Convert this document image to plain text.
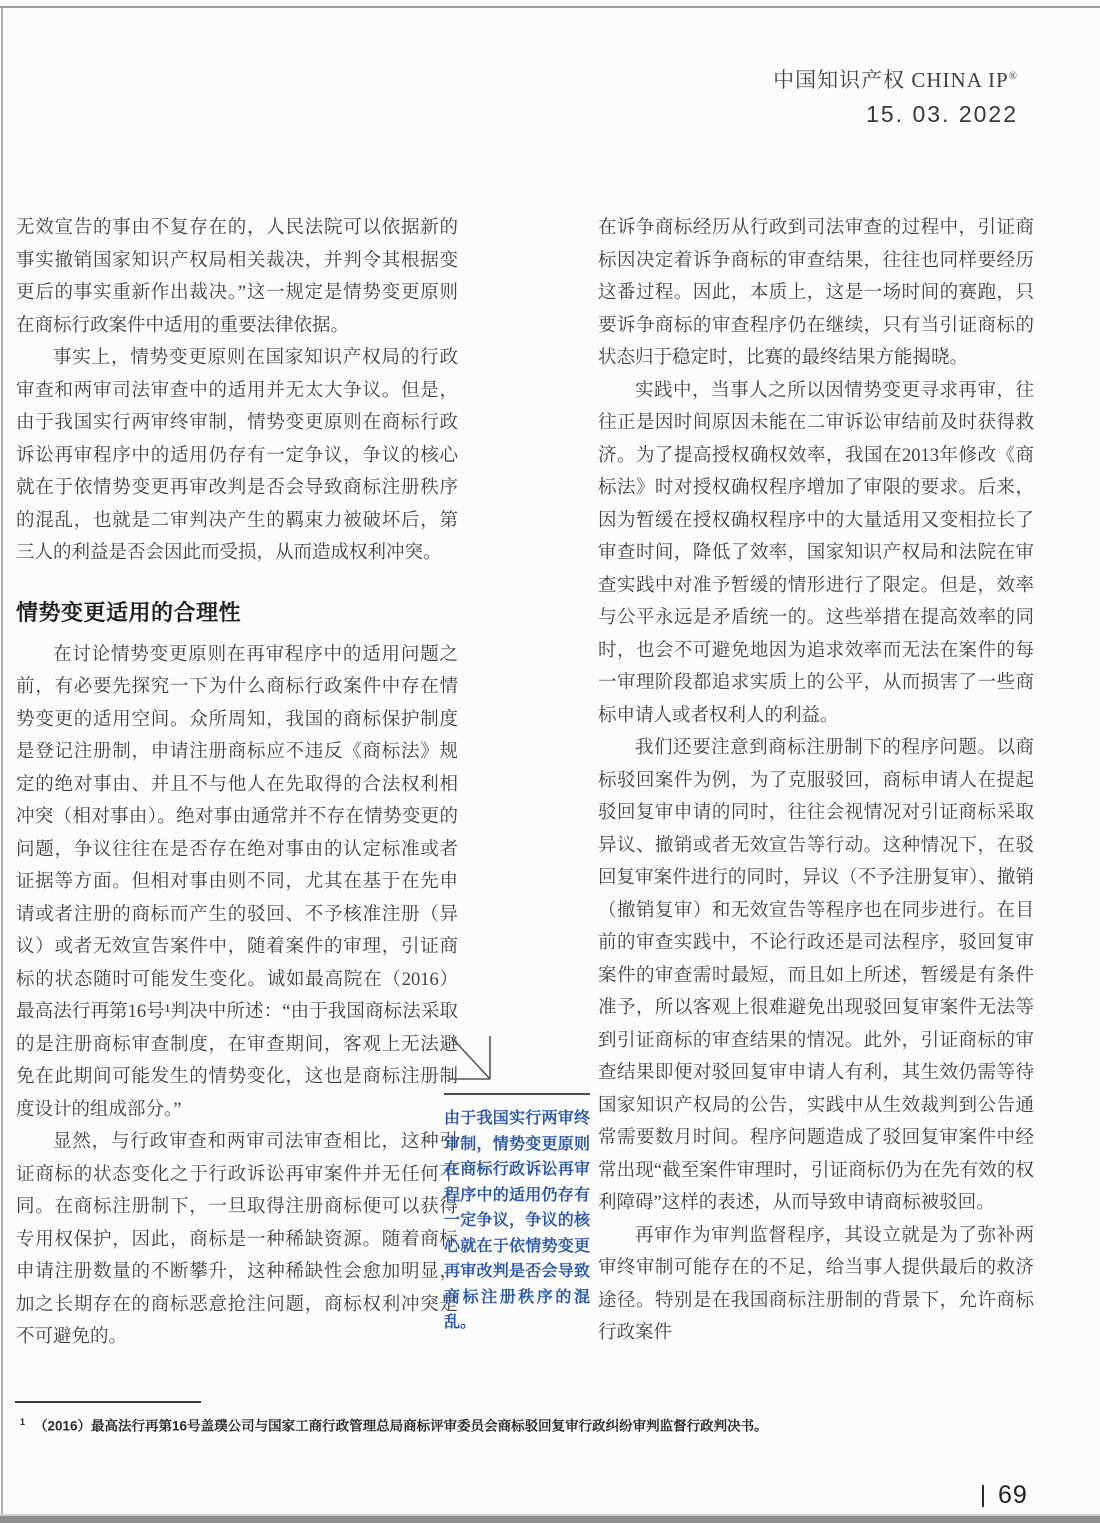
中国知识产权 CHINA IP®
15. 03. 2022

无效宣告的事由不复存在的，人民法院可以依据新的事实撤销国家知识产权局相关裁决，并判令其根据变更后的事实重新作出裁决。”这一规定是情势变更原则在商标行政案件中适用的重要法律依据。

事实上，情势变更原则在国家知识产权局的行政审查和两审司法审查中的适用并无太大争议。但是，由于我国实行两审终审制，情势变更原则在商标行政诉讼再审程序中的适用仍存有一定争议，争议的核心就在于依情势变更再审改判是否会导致商标注册秩序的混乱，也就是二审判决产生的羁束力被破坏后，第三人的利益是否会因此而受损，从而造成权利冲突。

情势变更适用的合理性

在讨论情势变更原则在再审程序中的适用问题之前，有必要先探究一下为什么商标行政案件中存在情势变更的适用空间。众所周知，我国的商标保护制度是登记注册制，申请注册商标应不违反《商标法》规定的绝对事由、并且不与他人在先取得的合法权利相冲突（相对事由）。绝对事由通常并不存在情势变更的问题，争议往往在是否存在绝对事由的认定标准或者证据等方面。但相对事由则不同，尤其在基于在先申请或者注册的商标而产生的驳回、不予核准注册（异议）或者无效宣告案件中，随着案件的审理，引证商标的状态随时可能发生变化。诚如最高院在（2016）最高法行再第16号¹判决中所述：“由于我国商标法采取的是注册商标审查制度，在审查期间，客观上无法避免在此期间可能发生的情势变化，这也是商标注册制度设计的组成部分。”

显然，与行政审查和两审司法审查相比，这种引证商标的状态变化之于行政诉讼再审案件并无任何不同。在商标注册制下，一旦取得注册商标便可以获得专用权保护，因此，商标是一种稀缺资源。随着商标申请注册数量的不断攀升，这种稀缺性会愈加明显，加之长期存在的商标恶意抢注问题，商标权利冲突是不可避免的。

在诉争商标经历从行政到司法审查的过程中，引证商标因决定着诉争商标的审查结果，往往也同样要经历这番过程。因此，本质上，这是一场时间的赛跑，只要诉争商标的审查程序仍在继续，只有当引证商标的状态归于稳定时，比赛的最终结果方能揭晓。

实践中，当事人之所以因情势变更寻求再审，往往正是因时间原因未能在二审诉讼审结前及时获得救济。为了提高授权确权效率，我国在2013年修改《商标法》时对授权确权程序增加了审限的要求。后来，因为暂缓在授权确权程序中的大量适用又变相拉长了审查时间，降低了效率，国家知识产权局和法院在审查实践中对准予暂缓的情形进行了限定。但是，效率与公平永远是矛盾统一的。这些举措在提高效率的同时，也会不可避免地因为追求效率而无法在案件的每一审理阶段都追求实质上的公平，从而损害了一些商标申请人或者权利人的利益。

我们还要注意到商标注册制下的程序问题。以商标驳回案件为例，为了克服驳回，商标申请人在提起驳回复审申请的同时，往往会视情况对引证商标采取异议、撤销或者无效宣告等行动。这种情况下，在驳回复审案件进行的同时，异议（不予注册复审）、撤销（撤销复审）和无效宣告等程序也在同步进行。在目前的审查实践中，不论行政还是司法程序，驳回复审案件的审查需时最短，而且如上所述，暂缓是有条件准予，所以客观上很难避免出现驳回复审案件无法等到引证商标的审查结果的情况。此外，引证商标的审查结果即便对驳回复审申请人有利，其生效仍需等待国家知识产权局的公告，实践中从生效裁判到公告通常需要数月时间。程序问题造成了驳回复审案件中经常出现“截至案件审理时，引证商标仍为在先有效的权利障碍”这样的表述，从而导致申请商标被驳回。

再审作为审判监督程序，其设立就是为了弥补两审终审制可能存在的不足，给当事人提供最后的救济途径。特别是在我国商标注册制的背景下，允许商标行政案件

由于我国实行两审终审制，情势变更原则在商标行政诉讼再审程序中的适用仍存有一定争议，争议的核心就在于依情势变更再审改判是否会导致商标注册秩序的混乱。

$^1$ （2016）最高法行再第16号盖璞公司与国家工商行政管理总局商标评审委员会商标驳回复审行政纠纷审判监督行政判决书。
69
